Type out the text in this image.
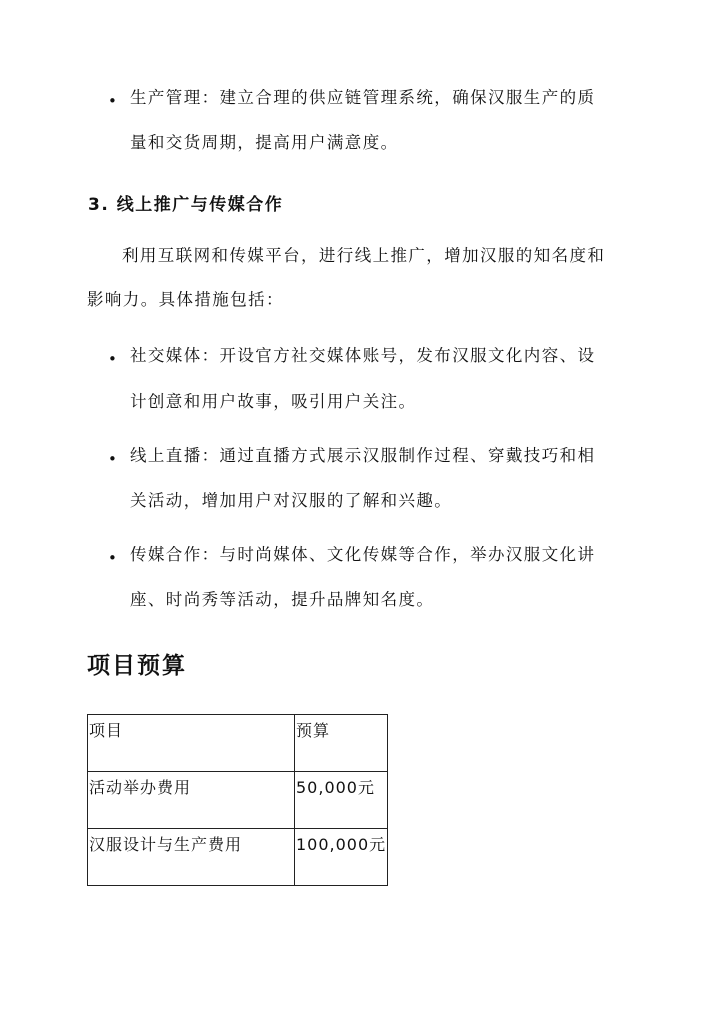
• 生产管理：建立合理的供应链管理系统，确保汉服生产的质
量和交货周期，提高用户满意度。
3. 线上推广与传媒合作
利用互联网和传媒平台，进行线上推广，增加汉服的知名度和
影响力。具体措施包括：
• 社交媒体：开设官方社交媒体账号，发布汉服文化内容、设
计创意和用户故事，吸引用户关注。
• 线上直播：通过直播方式展示汉服制作过程、穿戴技巧和相
关活动，增加用户对汉服的了解和兴趣。
• 传媒合作：与时尚媒体、文化传媒等合作，举办汉服文化讲
座、时尚秀等活动，提升品牌知名度。
项目预算
项目	预算
活动举办费用	50,000元
汉服设计与生产费用	100,000元
